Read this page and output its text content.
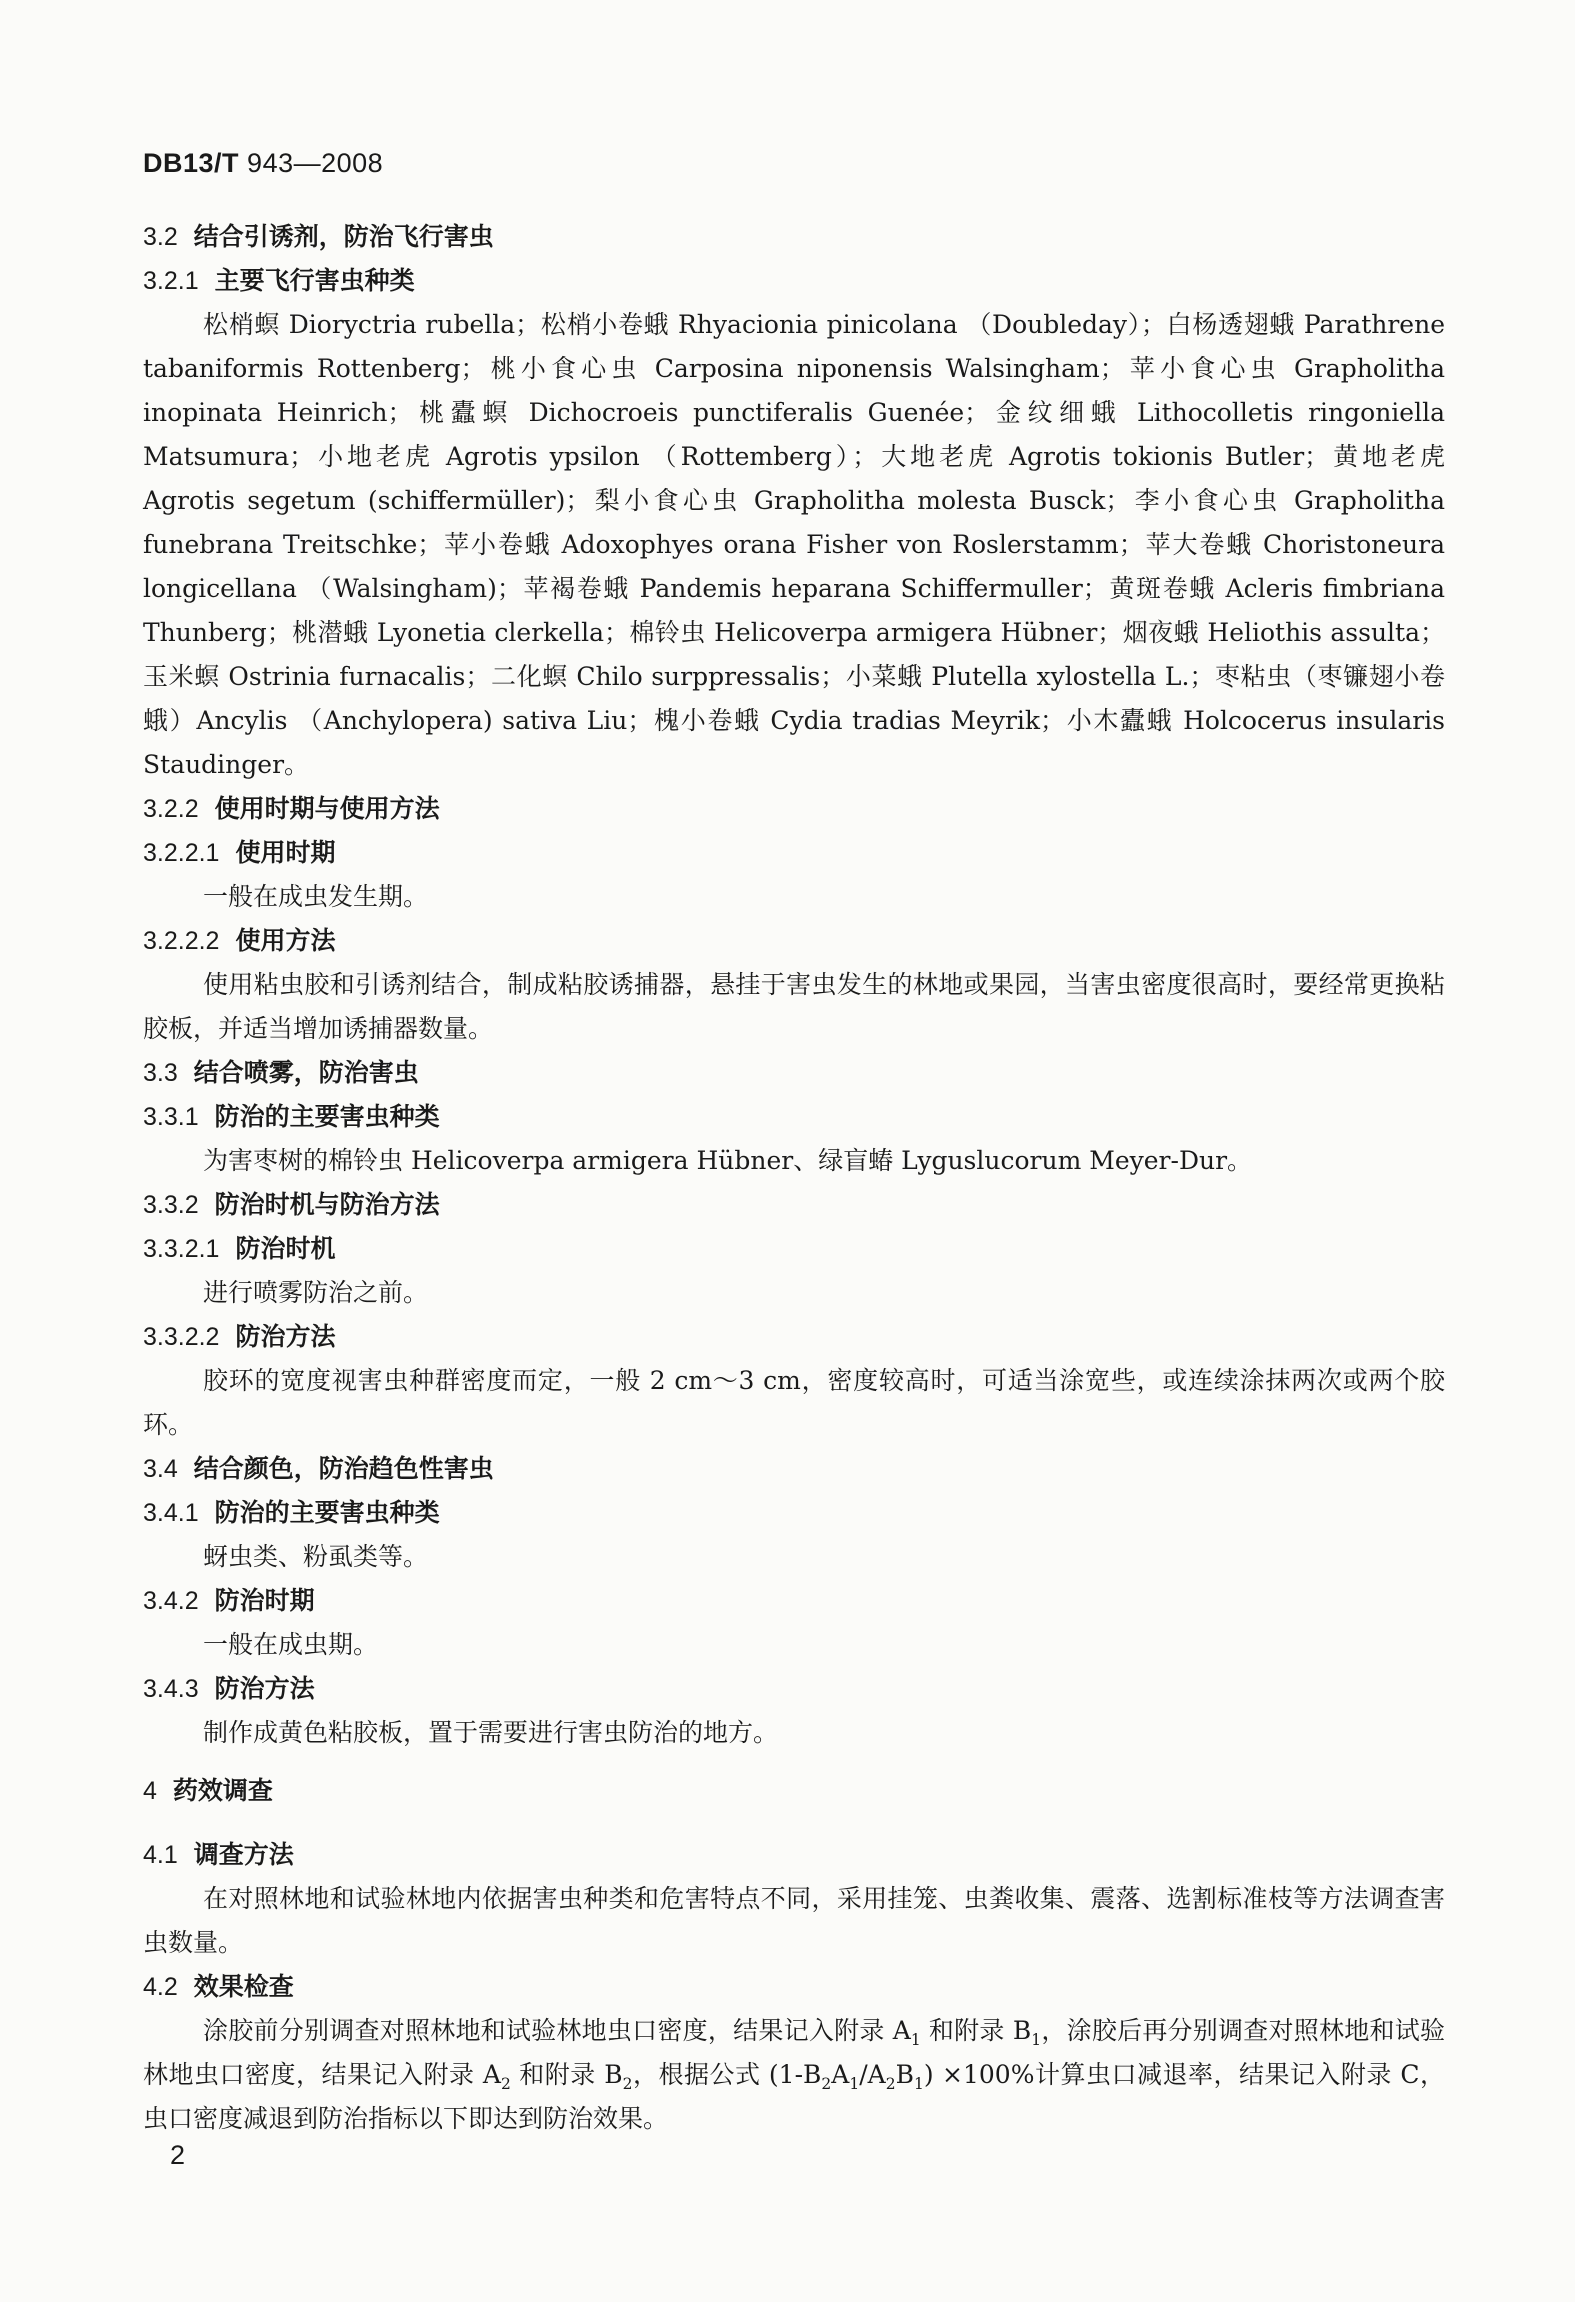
DB13/T 943—2008
3.2 结合引诱剂，防治飞行害虫
3.2.1 主要飞行害虫种类

松梢螟 Dioryctria rubella；松梢小卷蛾 Rhyacionia pinicolana （Doubleday）；白杨透翅蛾 Parathrene tabaniformis Rottenberg；桃小食心虫 Carposina niponensis Walsingham；苹小食心虫 Grapholitha inopinata Heinrich；桃蠹螟 Dichocroeis punctiferalis Guenée；金纹细蛾 Lithocolletis ringoniella Matsumura；小地老虎 Agrotis ypsilon （Rottemberg）；大地老虎 Agrotis tokionis Butler；黄地老虎 Agrotis segetum (schiffermüller)；梨小食心虫 Grapholitha molesta Busck；李小食心虫 Grapholitha funebrana Treitschke；苹小卷蛾 Adoxophyes orana Fisher von Roslerstamm；苹大卷蛾 Choristoneura longicellana （Walsingham)；苹褐卷蛾 Pandemis heparana Schiffermuller；黄斑卷蛾 Acleris fimbriana Thunberg；桃潜蛾 Lyonetia clerkella；棉铃虫 Helicoverpa armigera Hübner；烟夜蛾 Heliothis assulta；玉米螟 Ostrinia furnacalis；二化螟 Chilo surppressalis；小菜蛾 Plutella xylostella L.；枣粘虫（枣镰翅小卷蛾）Ancylis （Anchylopera) sativa Liu；槐小卷蛾 Cydia tradias Meyrik；小木蠹蛾 Holcocerus insularis Staudinger。

3.2.2 使用时期与使用方法
3.2.2.1 使用时期

一般在成虫发生期。

3.2.2.2 使用方法

使用粘虫胶和引诱剂结合，制成粘胶诱捕器，悬挂于害虫发生的林地或果园，当害虫密度很高时，要经常更换粘胶板，并适当增加诱捕器数量。

3.3 结合喷雾，防治害虫
3.3.1 防治的主要害虫种类

为害枣树的棉铃虫 Helicoverpa armigera Hübner、绿盲蝽 Lyguslucorum Meyer-Dur。

3.3.2 防治时机与防治方法
3.3.2.1 防治时机

进行喷雾防治之前。

3.3.2.2 防治方法

胶环的宽度视害虫种群密度而定，一般 2 cm～3 cm，密度较高时，可适当涂宽些，或连续涂抹两次或两个胶环。

3.4 结合颜色，防治趋色性害虫
3.4.1 防治的主要害虫种类

蚜虫类、粉虱类等。

3.4.2 防治时期

一般在成虫期。

3.4.3 防治方法

制作成黄色粘胶板，置于需要进行害虫防治的地方。

4 药效调查
4.1 调查方法

在对照林地和试验林地内依据害虫种类和危害特点不同，采用挂笼、虫粪收集、震落、选割标准枝等方法调查害虫数量。

4.2 效果检查

涂胶前分别调查对照林地和试验林地虫口密度，结果记入附录 $A_1$ 和附录 $B_1$，涂胶后再分别调查对照林地和试验林地虫口密度，结果记入附录 $A_2$ 和附录 $B_2$，根据公式 $(1-B_2A_1/A_2B_1) \times 100\%$计算虫口减退率，结果记入附录 C，虫口密度减退到防治指标以下即达到防治效果。

2
